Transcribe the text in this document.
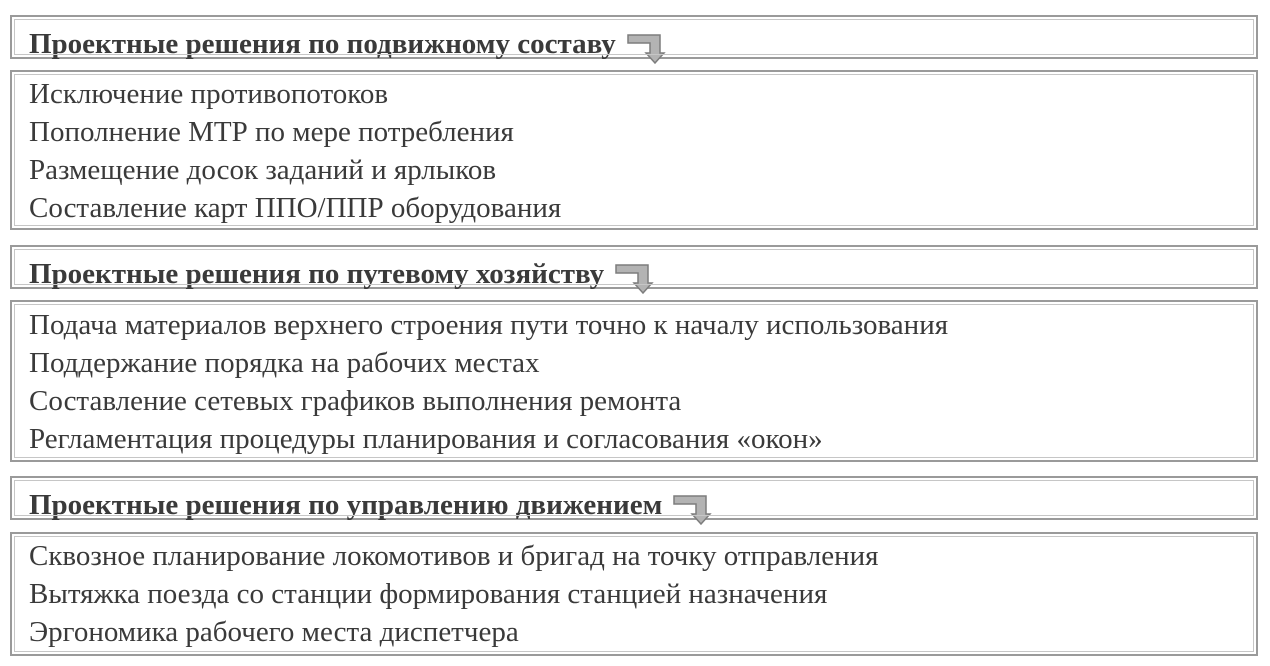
Проектные решения по подвижному составу
Исключение противопотоков
Пополнение МТР по мере потребления
Размещение досок заданий и ярлыков
Составление карт ППО/ППР оборудования
Проектные решения по путевому хозяйству
Подача материалов верхнего строения пути точно к началу использования
Поддержание порядка на рабочих местах
Составление сетевых графиков выполнения ремонта
Регламентация процедуры планирования и согласования «окон»
Проектные решения по управлению движением
Сквозное планирование локомотивов и бригад на точку отправления
Вытяжка поезда со станции формирования станцией назначения
Эргономика рабочего места диспетчера
